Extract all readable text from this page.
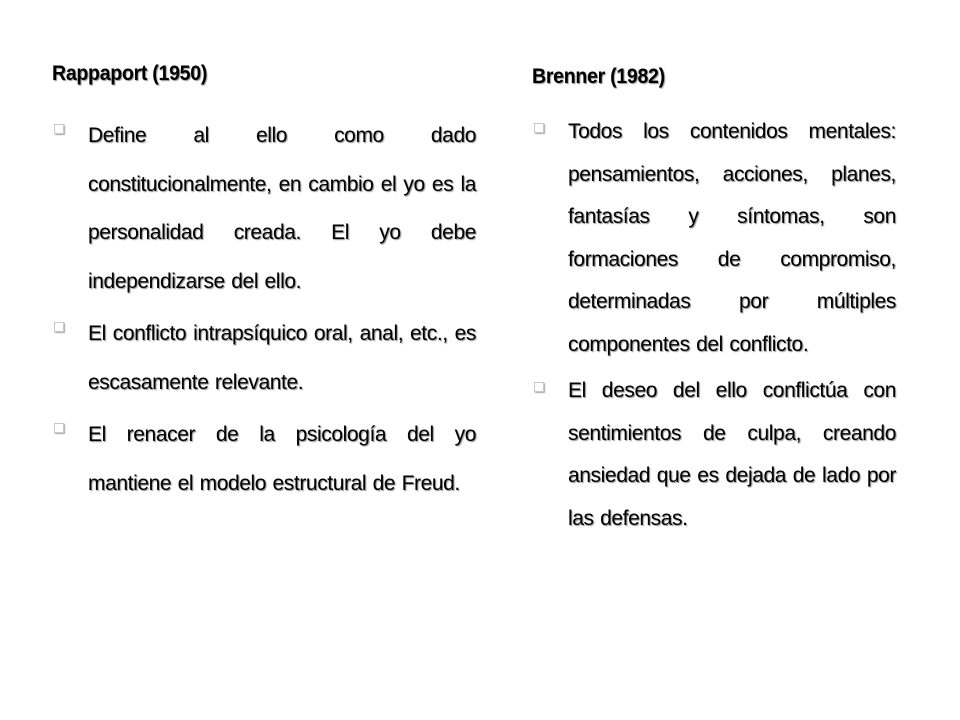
Rappaport (1950)
Define al ello como dado constitucionalmente, en cambio el yo es la personalidad creada. El yo debe independizarse del ello.
El conflicto intrapsíquico oral, anal, etc., es escasamente relevante.
El renacer de la psicología del yo mantiene el modelo estructural de Freud.
Brenner (1982)
Todos los contenidos mentales: pensamientos, acciones, planes, fantasías y síntomas, son formaciones de compromiso, determinadas por múltiples componentes del conflicto.
El deseo del ello conflictúa con sentimientos de culpa, creando ansiedad que es dejada de lado por las defensas.
